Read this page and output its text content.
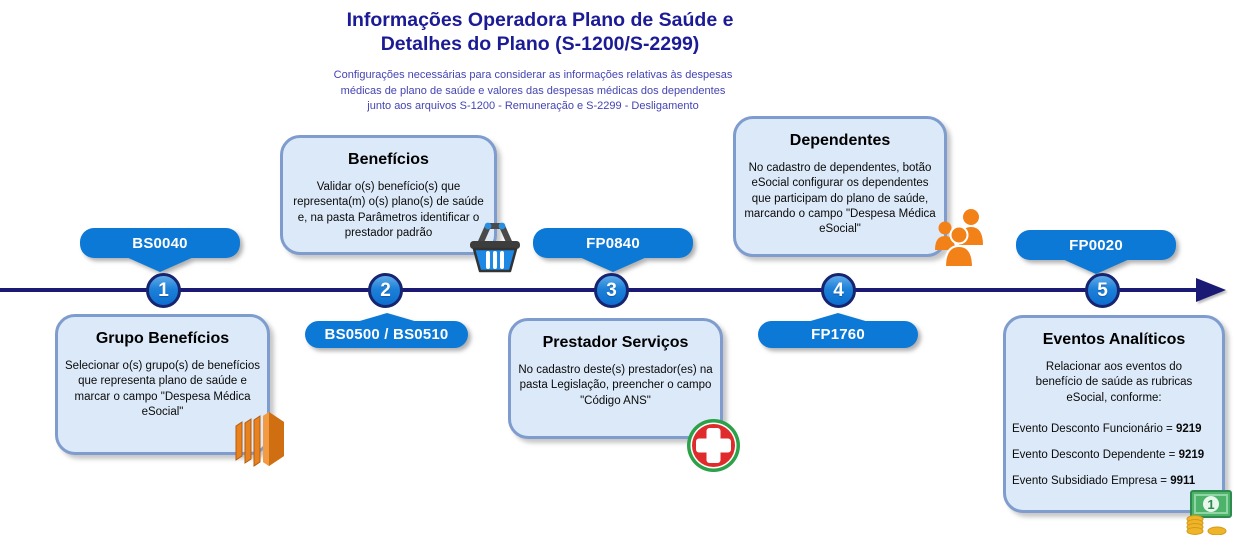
Informações Operadora Plano de Saúde e
Detalhes do Plano (S-1200/S-2299)
Configurações necessárias para considerar as informações relativas às despesas
médicas de plano de saúde e valores das despesas médicas dos dependentes
junto aos arquivos S-1200 - Remuneração e S-2299 - Desligamento
1	2	3	4	5
BS0040
BS0500 / BS0510
FP0840
FP1760
FP0020
Grupo Benefícios
Selecionar o(s) grupo(s) de benefícios que representa plano de saúde e marcar o campo "Despesa Médica eSocial"
Benefícios
Validar o(s) benefício(s) que representa(m) o(s) plano(s) de saúde e, na pasta Parâmetros identificar o prestador padrão
Prestador Serviços
No cadastro deste(s) prestador(es) na pasta Legislação, preencher o campo "Código ANS"
Dependentes
No cadastro de dependentes, botão eSocial configurar os dependentes que participam do plano de saúde, marcando o campo "Despesa Médica eSocial"
Eventos Analíticos
Relacionar aos eventos do benefício de saúde as rubricas eSocial, conforme:
Evento Desconto Funcionário = 9219
Evento Desconto Dependente = 9219
Evento Subsidiado Empresa = 9911
1
